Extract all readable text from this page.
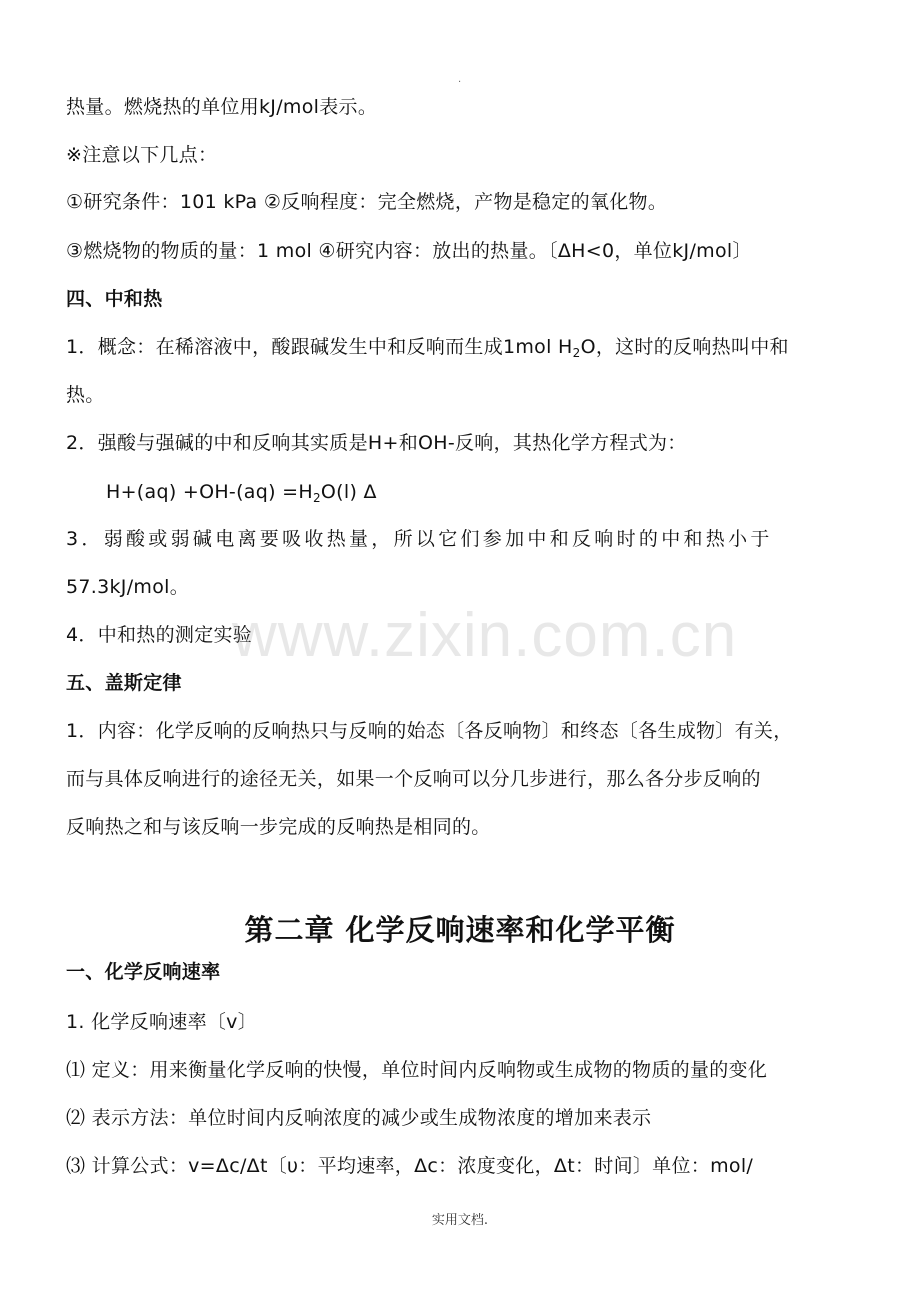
.
热量。燃烧热的单位用kJ/mol表示。
※注意以下几点：
①研究条件：101 kPa ②反响程度：完全燃烧，产物是稳定的氧化物。
③燃烧物的物质的量：1 mol ④研究内容：放出的热量。〔ΔH<0，单位kJ/mol〕
四、中和热
1．概念：在稀溶液中，酸跟碱发生中和反响而生成1mol $H_2O$，这时的反响热叫中和
热。
2．强酸与强碱的中和反响其实质是H+和OH-反响，其热化学方程式为：
$H+(aq) +OH-(aq) =H_2O(l)$ Δ
3．弱酸或弱碱电离要吸收热量，所以它们参加中和反响时的中和热小于
57.3kJ/mol。
4．中和热的测定实验
五、盖斯定律
1．内容：化学反响的反响热只与反响的始态〔各反响物〕和终态〔各生成物〕有关，
而与具体反响进行的途径无关，如果一个反响可以分几步进行，那么各分步反响的
反响热之和与该反响一步完成的反响热是相同的。
第二章 化学反响速率和化学平衡
一、化学反响速率
1. 化学反响速率〔v〕
⑴ 定义：用来衡量化学反响的快慢，单位时间内反响物或生成物的物质的量的变化
⑵ 表示方法：单位时间内反响浓度的减少或生成物浓度的增加来表示
⑶ 计算公式：v=Δc/Δt〔υ：平均速率，Δc：浓度变化，Δt：时间〕单位：mol/
www.zixin.com.cn
实用文档.
